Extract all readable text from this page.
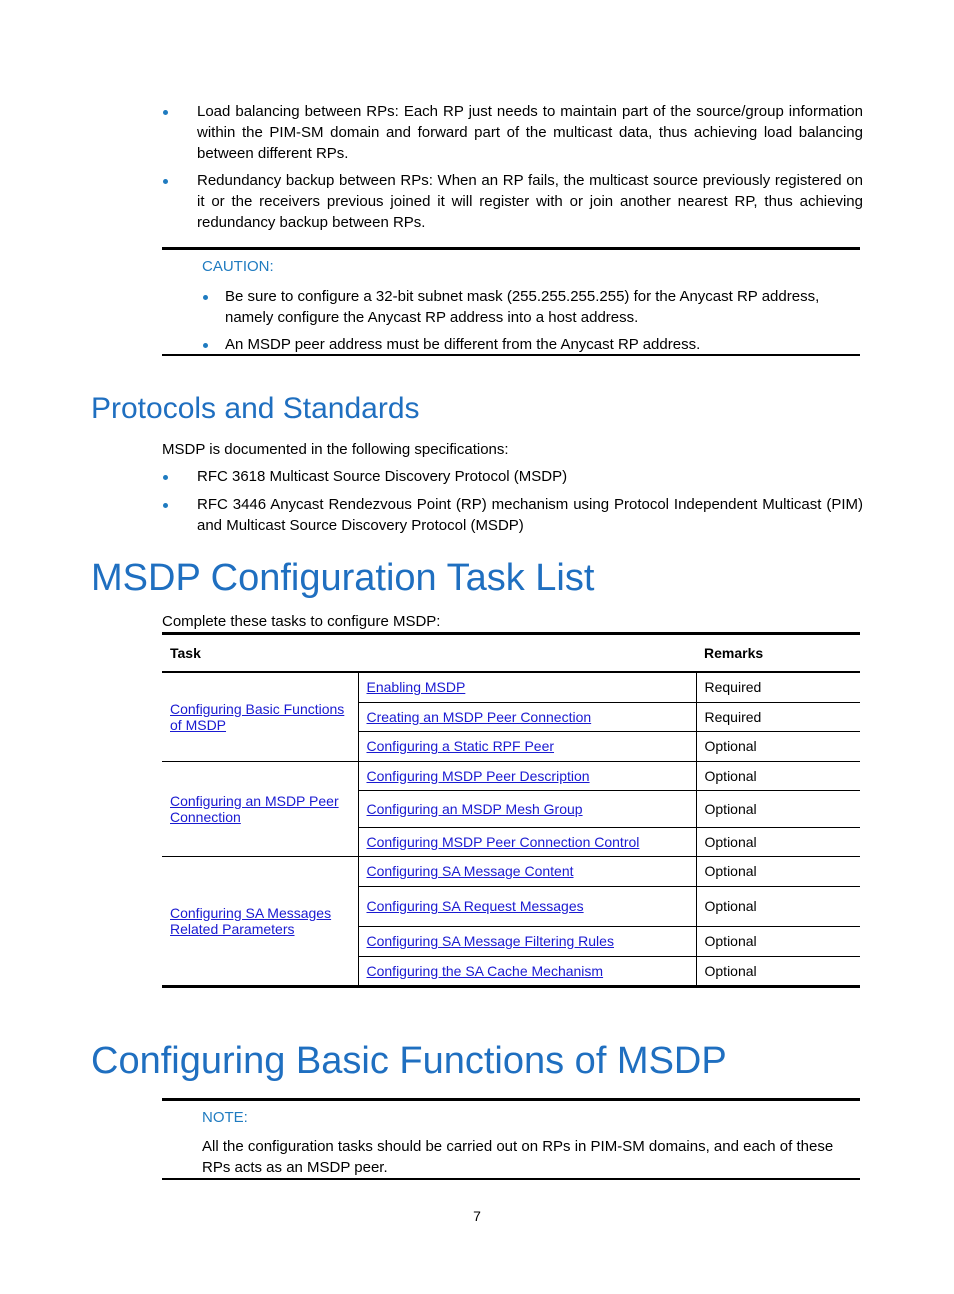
Load balancing between RPs: Each RP just needs to maintain part of the source/group information within the PIM-SM domain and forward part of the multicast data, thus achieving load balancing between different RPs.
Redundancy backup between RPs: When an RP fails, the multicast source previously registered on it or the receivers previous joined it will register with or join another nearest RP, thus achieving redundancy backup between RPs.
CAUTION:
Be sure to configure a 32-bit subnet mask (255.255.255.255) for the Anycast RP address, namely configure the Anycast RP address into a host address.
An MSDP peer address must be different from the Anycast RP address.
Protocols and Standards
MSDP is documented in the following specifications:
RFC 3618 Multicast Source Discovery Protocol (MSDP)
RFC 3446 Anycast Rendezvous Point (RP) mechanism using Protocol Independent Multicast (PIM) and Multicast Source Discovery Protocol (MSDP)
MSDP Configuration Task List
Complete these tasks to configure MSDP:
Task		Remarks
Configuring Basic Functions of MSDP	Enabling MSDP	Required
	Creating an MSDP Peer Connection	Required
	Configuring a Static RPF Peer	Optional
Configuring an MSDP Peer Connection	Configuring MSDP Peer Description	Optional
	Configuring an MSDP Mesh Group	Optional
	Configuring MSDP Peer Connection Control	Optional
Configuring SA Messages Related Parameters	Configuring SA Message Content	Optional
	Configuring SA Request Messages	Optional
	Configuring SA Message Filtering Rules	Optional
	Configuring the SA Cache Mechanism	Optional
Configuring Basic Functions of MSDP
NOTE:
All the configuration tasks should be carried out on RPs in PIM-SM domains, and each of these RPs acts as an MSDP peer.
7
